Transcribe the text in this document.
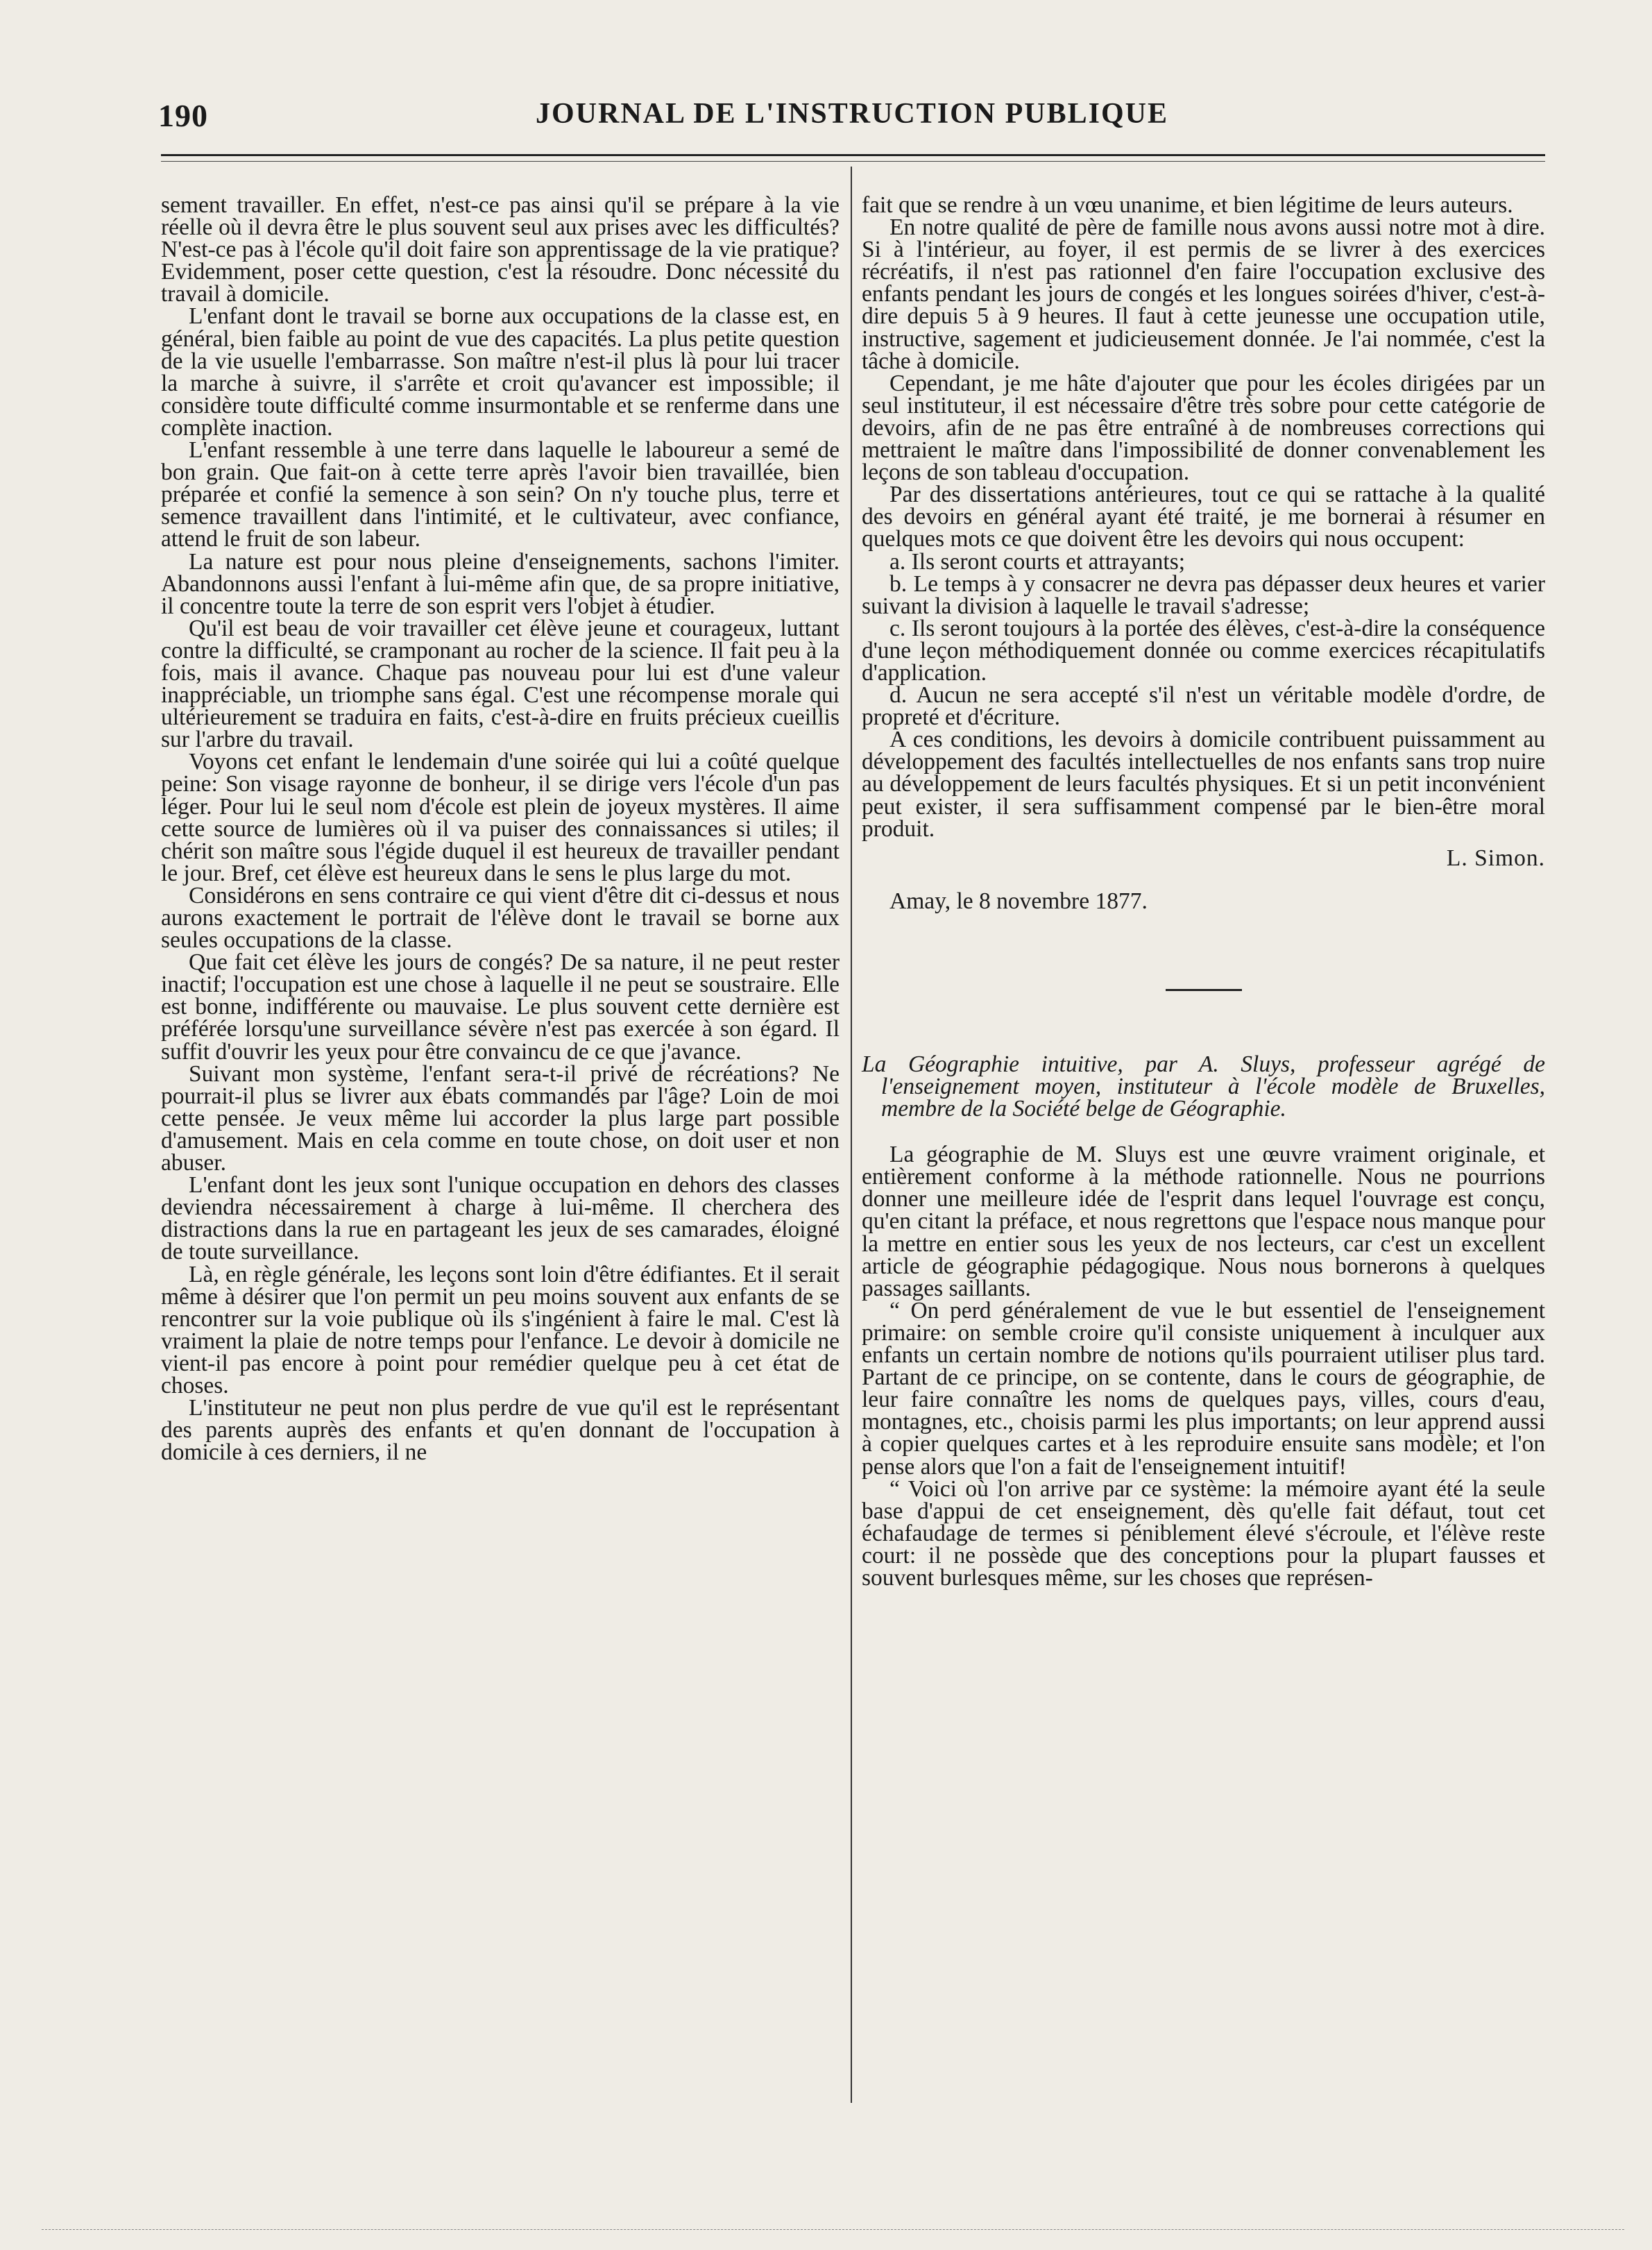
190	JOURNAL DE L'INSTRUCTION PUBLIQUE

sement travailler. En effet, n'est-ce pas ainsi qu'il se prépare à la vie réelle où il devra être le plus souvent seul aux prises avec les difficultés? N'est-ce pas à l'école qu'il doit faire son apprentissage de la vie pratique? Evidemment, poser cette question, c'est la résoudre. Donc nécessité du travail à domicile.

L'enfant dont le travail se borne aux occupations de la classe est, en général, bien faible au point de vue des capacités. La plus petite question de la vie usuelle l'embarrasse. Son maître n'est-il plus là pour lui tracer la marche à suivre, il s'arrête et croit qu'avancer est impossible; il considère toute difficulté comme insurmontable et se renferme dans une complète inaction.

L'enfant ressemble à une terre dans laquelle le laboureur a semé de bon grain. Que fait-on à cette terre après l'avoir bien travaillée, bien préparée et confié la semence à son sein? On n'y touche plus, terre et semence travaillent dans l'intimité, et le cultivateur, avec confiance, attend le fruit de son labeur.

La nature est pour nous pleine d'enseignements, sachons l'imiter. Abandonnons aussi l'enfant à lui-même afin que, de sa propre initiative, il concentre toute la terre de son esprit vers l'objet à étudier.

Qu'il est beau de voir travailler cet élève jeune et courageux, luttant contre la difficulté, se cramponant au rocher de la science. Il fait peu à la fois, mais il avance. Chaque pas nouveau pour lui est d'une valeur inappréciable, un triomphe sans égal. C'est une récompense morale qui ultérieurement se traduira en faits, c'est-à-dire en fruits précieux cueillis sur l'arbre du travail.

Voyons cet enfant le lendemain d'une soirée qui lui a coûté quelque peine: Son visage rayonne de bonheur, il se dirige vers l'école d'un pas léger. Pour lui le seul nom d'école est plein de joyeux mystères. Il aime cette source de lumières où il va puiser des connaissances si utiles; il chérit son maître sous l'égide duquel il est heureux de travailler pendant le jour. Bref, cet élève est heureux dans le sens le plus large du mot.

Considérons en sens contraire ce qui vient d'être dit ci-dessus et nous aurons exactement le portrait de l'élève dont le travail se borne aux seules occupations de la classe.

Que fait cet élève les jours de congés? De sa nature, il ne peut rester inactif; l'occupation est une chose à laquelle il ne peut se soustraire. Elle est bonne, indifférente ou mauvaise. Le plus souvent cette dernière est préférée lorsqu'une surveillance sévère n'est pas exercée à son égard. Il suffit d'ouvrir les yeux pour être convaincu de ce que j'avance.

Suivant mon système, l'enfant sera-t-il privé de récréations? Ne pourrait-il plus se livrer aux ébats commandés par l'âge? Loin de moi cette pensée. Je veux même lui accorder la plus large part possible d'amusement. Mais en cela comme en toute chose, on doit user et non abuser.

L'enfant dont les jeux sont l'unique occupation en dehors des classes deviendra nécessairement à charge à lui-même. Il cherchera des distractions dans la rue en partageant les jeux de ses camarades, éloigné de toute surveillance.

Là, en règle générale, les leçons sont loin d'être édifiantes. Et il serait même à désirer que l'on permit un peu moins souvent aux enfants de se rencontrer sur la voie publique où ils s'ingénient à faire le mal. C'est là vraiment la plaie de notre temps pour l'enfance. Le devoir à domicile ne vient-il pas encore à point pour remédier quelque peu à cet état de choses.

L'instituteur ne peut non plus perdre de vue qu'il est le représentant des parents auprès des enfants et qu'en donnant de l'occupation à domicile à ces derniers, il ne

fait que se rendre à un vœu unanime, et bien légitime de leurs auteurs.

En notre qualité de père de famille nous avons aussi notre mot à dire. Si à l'intérieur, au foyer, il est permis de se livrer à des exercices récréatifs, il n'est pas rationnel d'en faire l'occupation exclusive des enfants pendant les jours de congés et les longues soirées d'hiver, c'est-à-dire depuis 5 à 9 heures. Il faut à cette jeunesse une occupation utile, instructive, sagement et judicieusement donnée. Je l'ai nommée, c'est la tâche à domicile.

Cependant, je me hâte d'ajouter que pour les écoles dirigées par un seul instituteur, il est nécessaire d'être très sobre pour cette catégorie de devoirs, afin de ne pas être entraîné à de nombreuses corrections qui mettraient le maître dans l'impossibilité de donner convenablement les leçons de son tableau d'occupation.

Par des dissertations antérieures, tout ce qui se rattache à la qualité des devoirs en général ayant été traité, je me bornerai à résumer en quelques mots ce que doivent être les devoirs qui nous occupent:

a. Ils seront courts et attrayants;

b. Le temps à y consacrer ne devra pas dépasser deux heures et varier suivant la division à laquelle le travail s'adresse;

c. Ils seront toujours à la portée des élèves, c'est-à-dire la conséquence d'une leçon méthodiquement donnée ou comme exercices récapitulatifs d'application.

d. Aucun ne sera accepté s'il n'est un véritable modèle d'ordre, de propreté et d'écriture.

A ces conditions, les devoirs à domicile contribuent puissamment au développement des facultés intellectuelles de nos enfants sans trop nuire au développement de leurs facultés physiques. Et si un petit inconvénient peut exister, il sera suffisamment compensé par le bien-être moral produit.

L. Simon.

Amay, le 8 novembre 1877.

La Géographie intuitive, par A. Sluys, professeur agrégé de l'enseignement moyen, instituteur à l'école modèle de Bruxelles, membre de la Société belge de Géographie.

La géographie de M. Sluys est une œuvre vraiment originale, et entièrement conforme à la méthode rationnelle. Nous ne pourrions donner une meilleure idée de l'esprit dans lequel l'ouvrage est conçu, qu'en citant la préface, et nous regrettons que l'espace nous manque pour la mettre en entier sous les yeux de nos lecteurs, car c'est un excellent article de géographie pédagogique. Nous nous bornerons à quelques passages saillants.

“ On perd généralement de vue le but essentiel de l'enseignement primaire: on semble croire qu'il consiste uniquement à inculquer aux enfants un certain nombre de notions qu'ils pourraient utiliser plus tard. Partant de ce principe, on se contente, dans le cours de géographie, de leur faire connaître les noms de quelques pays, villes, cours d'eau, montagnes, etc., choisis parmi les plus importants; on leur apprend aussi à copier quelques cartes et à les reproduire ensuite sans modèle; et l'on pense alors que l'on a fait de l'enseignement intuitif!

“ Voici où l'on arrive par ce système: la mémoire ayant été la seule base d'appui de cet enseignement, dès qu'elle fait défaut, tout cet échafaudage de termes si péniblement élevé s'écroule, et l'élève reste court: il ne possède que des conceptions pour la plupart fausses et souvent burlesques même, sur les choses que représen-
